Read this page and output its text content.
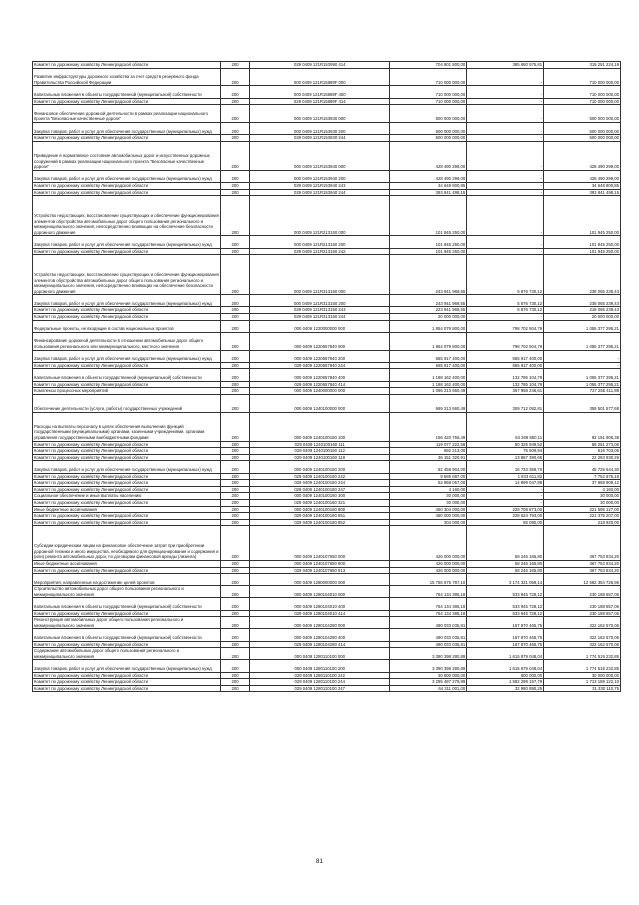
Комитет по дорожному хозяйству Ленинградской области	200	029 0409 121R153990 414	704 901 800,00	385 650 575,81	319 251 224,19
Развитие инфраструктуры дорожного хозяйства за счет средств резервного фонда Правительства Российской Федерации	200	000 0409 121R15889F 000	710 000 000,00	-	710 000 000,00
Капитальные вложения в объекты государственной (муниципальной) собственности	200	000 0409 121R15889F 400	710 000 000,00	-	710 000 000,00
Комитет по дорожному хозяйству Ленинградской области	200	029 0409 121R15889F 414	710 000 000,00	-	710 000 000,00
Финансовое обеспечение дорожной деятельности в рамках реализации национального проекта "Безопасные качественные дороги"	200	000 0409 121R153930 000	500 000 000,00	-	500 000 000,00
Закупка товаров, работ и услуг для обеспечения государственных (муниципальных) нужд	200	000 0409 121R153930 200	500 000 000,00	-	500 000 000,00
Комитет по дорожному хозяйству Ленинградской области	200	029 0409 121R153930 244	500 000 000,00	-	500 000 000,00
Приведение в нормативное состояние автомобильных дорог и искусственных дорожных сооружений в рамках реализации национального проекта "Безопасные качественные дороги"	200	000 0409 121R153940 000	428 490 299,00	-	428 490 299,00
Закупка товаров, работ и услуг для обеспечения государственных (муниципальных) нужд	200	000 0409 121R153940 200	428 490 299,00	-	428 490 299,00
Комитет по дорожному хозяйству Ленинградской области	200	029 0409 121R153940 243	34 648 800,85	-	34 648 800,85
Комитет по дорожному хозяйству Ленинградской области	200	029 0409 121R153940 244	393 841 498,15	-	393 841 498,15
Устройство недостающих, восстановление существующих и обеспечение функционирования элементов обустройства автомобильных дорог общего пользования регионального и межмуниципального значения, непосредственно влияющих на обеспечение безопасности дорожного движения	200	000 0409 121R213150 000	101 945 250,00	-	101 945 250,00
Закупка товаров, работ и услуг для обеспечения государственных (муниципальных) нужд	200	000 0409 121R213150 200	101 945 250,00	-	101 945 250,00
Комитет по дорожному хозяйству Ленинградской области	200	029 0409 121R213150 242	101 945 250,00	-	101 945 250,00
Устройство недостающих, восстановление существующих и обеспечение функционирования элементов обустройства автомобильных дорог общего пользования регионального и межмуниципального значения, непосредственно влияющих на обеспечение безопасности дорожного движения	200	000 0409 121R313150 000	243 941 969,55	5 876 730,12	238 065 239,43
Закупка товаров, работ и услуг для обеспечения государственных (муниципальных) нужд	200	000 0409 121R313150 200	243 941 969,55	5 876 730,12	238 065 239,43
Комитет по дорожному хозяйству Ленинградской области	200	029 0409 121R313150 243	223 941 969,55	5 876 730,12	218 065 239,43
Комитет по дорожному хозяйству Ленинградской области	200	029 0409 121R313150 244	20 000 000,00	-	20 000 000,00
Федеральные проекты, не входящие в состав национальных проектов	200	000 0409 1220000000 000	1 854 079 800,00	798 702 504,79	1 055 377 295,21
Финансирование дорожной деятельности в отношении автомобильных дорог общего пользования регионального или межмуниципального, местного значения	200	000 0409 1220657840 000	1 854 079 800,00	798 702 504,79	1 055 377 295,21
Закупка товаров, работ и услуг для обеспечения государственных (муниципальных) нужд	200	000 0409 1220657840 200	665 917 400,00	665 917 400,00	-
Комитет по дорожному хозяйству Ленинградской области	200	029 0409 1220657840 244	665 917 400,00	665 917 400,00	-
Капитальные вложения в объекты государственной (муниципальной) собственности	200	000 0409 1220657840 400	1 188 162 400,00	132 785 104,79	1 055 377 295,21
Комитет по дорожному хозяйству Ленинградской области	200	029 0409 1220657840 414	1 188 162 400,00	132 785 104,79	1 055 377 295,21
Комплексы процессных мероприятий	200	000 0409 1240000000 000	1 095 213 660,49	367 958 246,61	727 255 411,88
Обеспечение деятельности (услуги, работы) государственных учреждений	200	000 0409 1240100000 000	669 213 660,49	309 712 082,81	359 501 577,68
Расходы на выплаты персоналу в целях обеспечения выполнения функций государственными (муниципальными) органами, казенными учреждениями, органами управления государственными внебюджетными фондами	200	000 0409 1240100160 100	156 420 756,49	64 269 850,11	92 151 906,38
Комитет по дорожному хозяйству Ленинградской области	200	029 0409 1240100160 111	119 077 222,58	50 325 949,52	68 251 273,06
Комитет по дорожному хозяйству Ленинградской области	200	029 0409 1240100160 112	692 213,00	75 509,94	616 703,06
Комитет по дорожному хозяйству Ленинградской области	200	029 0409 1240100160 119	36 151 320,91	13 867 390,65	22 283 930,26
Закупка товаров, работ и услуг для обеспечения государственных (муниципальных) нужд	200	000 0409 1240100160 200	62 458 904,00	16 733 359,70	45 725 544,30
Комитет по дорожному хозяйству Ленинградской области	200	029 0409 1240100160 242	9 586 687,00	1 833 611,82	7 752 875,18
Комитет по дорожному хозяйству Ленинградской области	200	029 0409 1240100160 244	52 868 057,00	14 899 047,88	37 968 909,12
Комитет по дорожному хозяйству Ленинградской области	200	029 0409 1240100160 247	4 160,00	-	4 160,00
Социальное обеспечение и иные выплаты населению	200	000 0409 1240100160 300	30 000,00	-	30 000,00
Комитет по дорожному хозяйству Ленинградской области	200	029 0409 1240100160 321	30 000,00	-	30 000,00
Иные бюджетные ассигнования	200	000 0409 1240100160 800	450 304 000,00	228 708 873,00	221 595 127,00
Комитет по дорожному хозяйству Ленинградской области	200	029 0409 1240100160 851	450 000 000,00	228 624 793,00	221 375 207,00
Комитет по дорожному хозяйству Ленинградской области	200	029 0409 1240100160 852	304 000,00	85 080,00	218 920,00
Субсидии юридическим лицам на финансовое обеспечение затрат при приобретении дорожной техники и иного имущества, необходимого для функционирования и содержания и (или) ремонта автомобильных дорог, по договорам финансовой аренды (лизинга)	200	000 0409 1240107650 000	426 000 000,00	58 246 165,80	367 753 834,20
Иные бюджетные ассигнования	200	000 0409 1240107650 800	426 000 000,00	58 246 165,80	367 753 834,20
Комитет по дорожному хозяйству Ленинградской области	200	029 0409 1240107650 813	426 000 000,00	58 246 165,80	367 753 834,20
Мероприятия, направленные на достижение целей проектов	200	000 0409 1280000000 000	15 756 675 787,10	3 174 321 059,14	12 582 354 726,96
Строительство автомобильных дорог общего пользования регионального и межмуниципального значения	200	000 0409 1280104010 000	764 134 385,18	533 945 728,12	230 188 657,06
Капитальные вложения в объекты государственной (муниципальной) собственности	200	000 0409 1280104010 400	764 134 385,18	533 945 728,12	230 188 657,06
Комитет по дорожному хозяйству Ленинградской области	200	029 0409 1280104010 414	764 134 385,18	533 945 728,12	230 188 657,06
Реконструкция автомобильных дорог общего пользования регионального и межмуниципального значения	200	000 0409 1280104280 000	490 033 035,81	167 870 465,75	322 162 570,06
Капитальные вложения в объекты государственной (муниципальной) собственности	200	000 0409 1280104280 400	490 033 035,81	167 870 465,75	322 162 570,06
Комитет по дорожному хозяйству Ленинградской области	200	029 0409 1280104280 414	490 033 035,81	167 870 465,75	322 162 570,06
Содержание автомобильных дорог общего пользования регионального и межмуниципального значения	200	000 0409 1280110100 000	3 390 398 280,89	1 615 879 048,04	1 774 519 232,85
Закупка товаров, работ и услуг для обеспечения государственных (муниципальных) нужд	200	000 0409 1280110100 200	3 390 398 280,89	1 615 879 048,04	1 774 519 232,85
Комитет по дорожному хозяйству Ленинградской области	200	029 0409 1280110100 242	30 600 000,00	600 000,00	30 000 000,00
Комитет по дорожному хозяйству Ленинградской области	200	029 0409 1280110100 244	3 295 487 279,89	1 582 298 157,79	1 713 189 122,10
Комитет по дорожному хозяйству Ленинградской области	200	029 0409 1280110100 247	64 311 001,00	32 980 890,25	31 330 110,75
81
